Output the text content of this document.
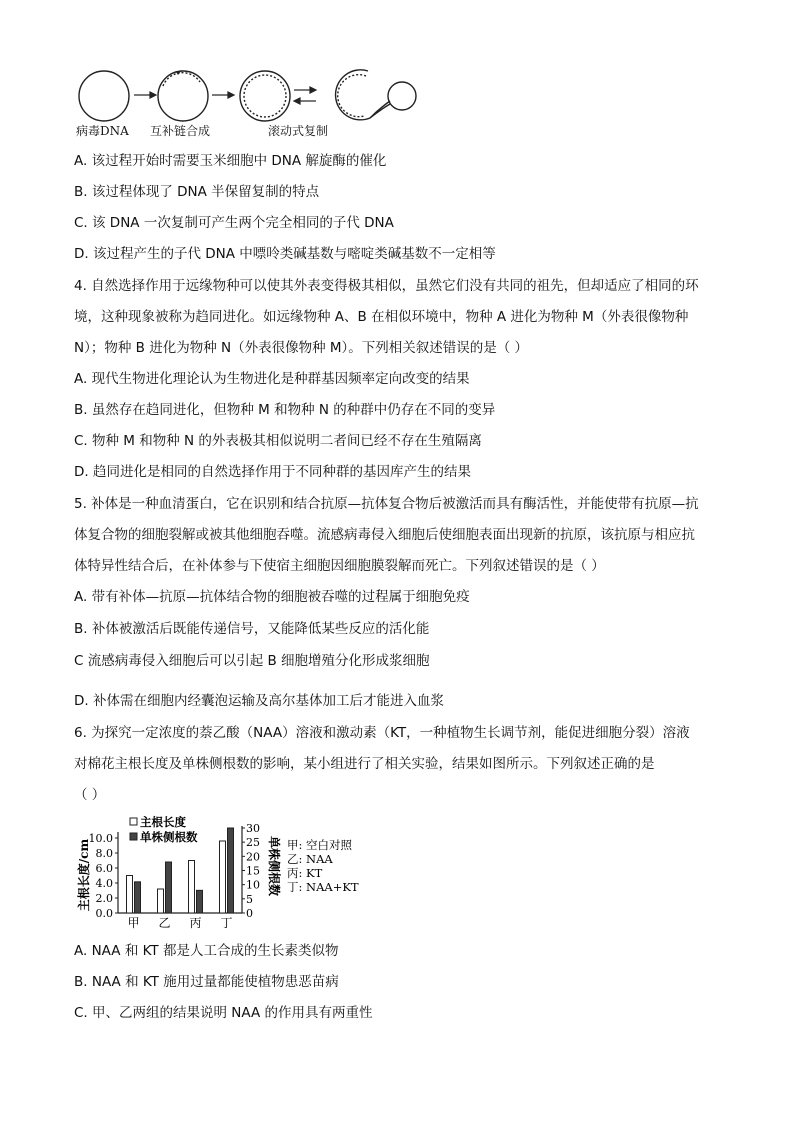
病毒DNA 互补链合成	滚动式复制
A. 该过程开始时需要玉米细胞中 DNA 解旋酶的催化
B. 该过程体现了 DNA 半保留复制的特点
C. 该 DNA 一次复制可产生两个完全相同的子代 DNA
D. 该过程产生的子代 DNA 中嘌呤类碱基数与嘧啶类碱基数不一定相等
4. 自然选择作用于远缘物种可以使其外表变得极其相似，虽然它们没有共同的祖先，但却适应了相同的环
境，这种现象被称为趋同进化。如远缘物种 A、B 在相似环境中，物种 A 进化为物种 M（外表很像物种
N）；物种 B 进化为物种 N（外表很像物种 M）。下列相关叙述错误的是（ ）
A. 现代生物进化理论认为生物进化是种群基因频率定向改变的结果
B. 虽然存在趋同进化，但物种 M 和物种 N 的种群中仍存在不同的变异
C. 物种 M 和物种 N 的外表极其相似说明二者间已经不存在生殖隔离
D. 趋同进化是相同的自然选择作用于不同种群的基因库产生的结果
5. 补体是一种血清蛋白，它在识别和结合抗原—抗体复合物后被激活而具有酶活性，并能使带有抗原—抗
体复合物的细胞裂解或被其他细胞吞噬。流感病毒侵入细胞后使细胞表面出现新的抗原，该抗原与相应抗
体特异性结合后，在补体参与下使宿主细胞因细胞膜裂解而死亡。下列叙述错误的是（ ）
A. 带有补体—抗原—抗体结合物的细胞被吞噬的过程属于细胞免疫
B. 补体被激活后既能传递信号，又能降低某些反应的活化能
C 流感病毒侵入细胞后可以引起 B 细胞增殖分化形成浆细胞
D. 补体需在细胞内经囊泡运输及高尔基体加工后才能进入血浆
6. 为探究一定浓度的萘乙酸（NAA）溶液和激动素（KT，一种植物生长调节剂，能促进细胞分裂）溶液
对棉花主根长度及单株侧根数的影响，某小组进行了相关实验，结果如图所示。下列叙述正确的是
（ ）
0.0
2.0
4.0
6.0
8.0
10.0
0
5
10
15
20
25
30
主根长度/cm	单株侧根数
甲 乙 丙 丁
主根长度
单株侧根数
甲: 空白对照
乙: NAA
丙: KT
丁: NAA+KT
A. NAA 和 KT 都是人工合成的生长素类似物
B. NAA 和 KT 施用过量都能使植物患恶苗病
C. 甲、乙两组的结果说明 NAA 的作用具有两重性
